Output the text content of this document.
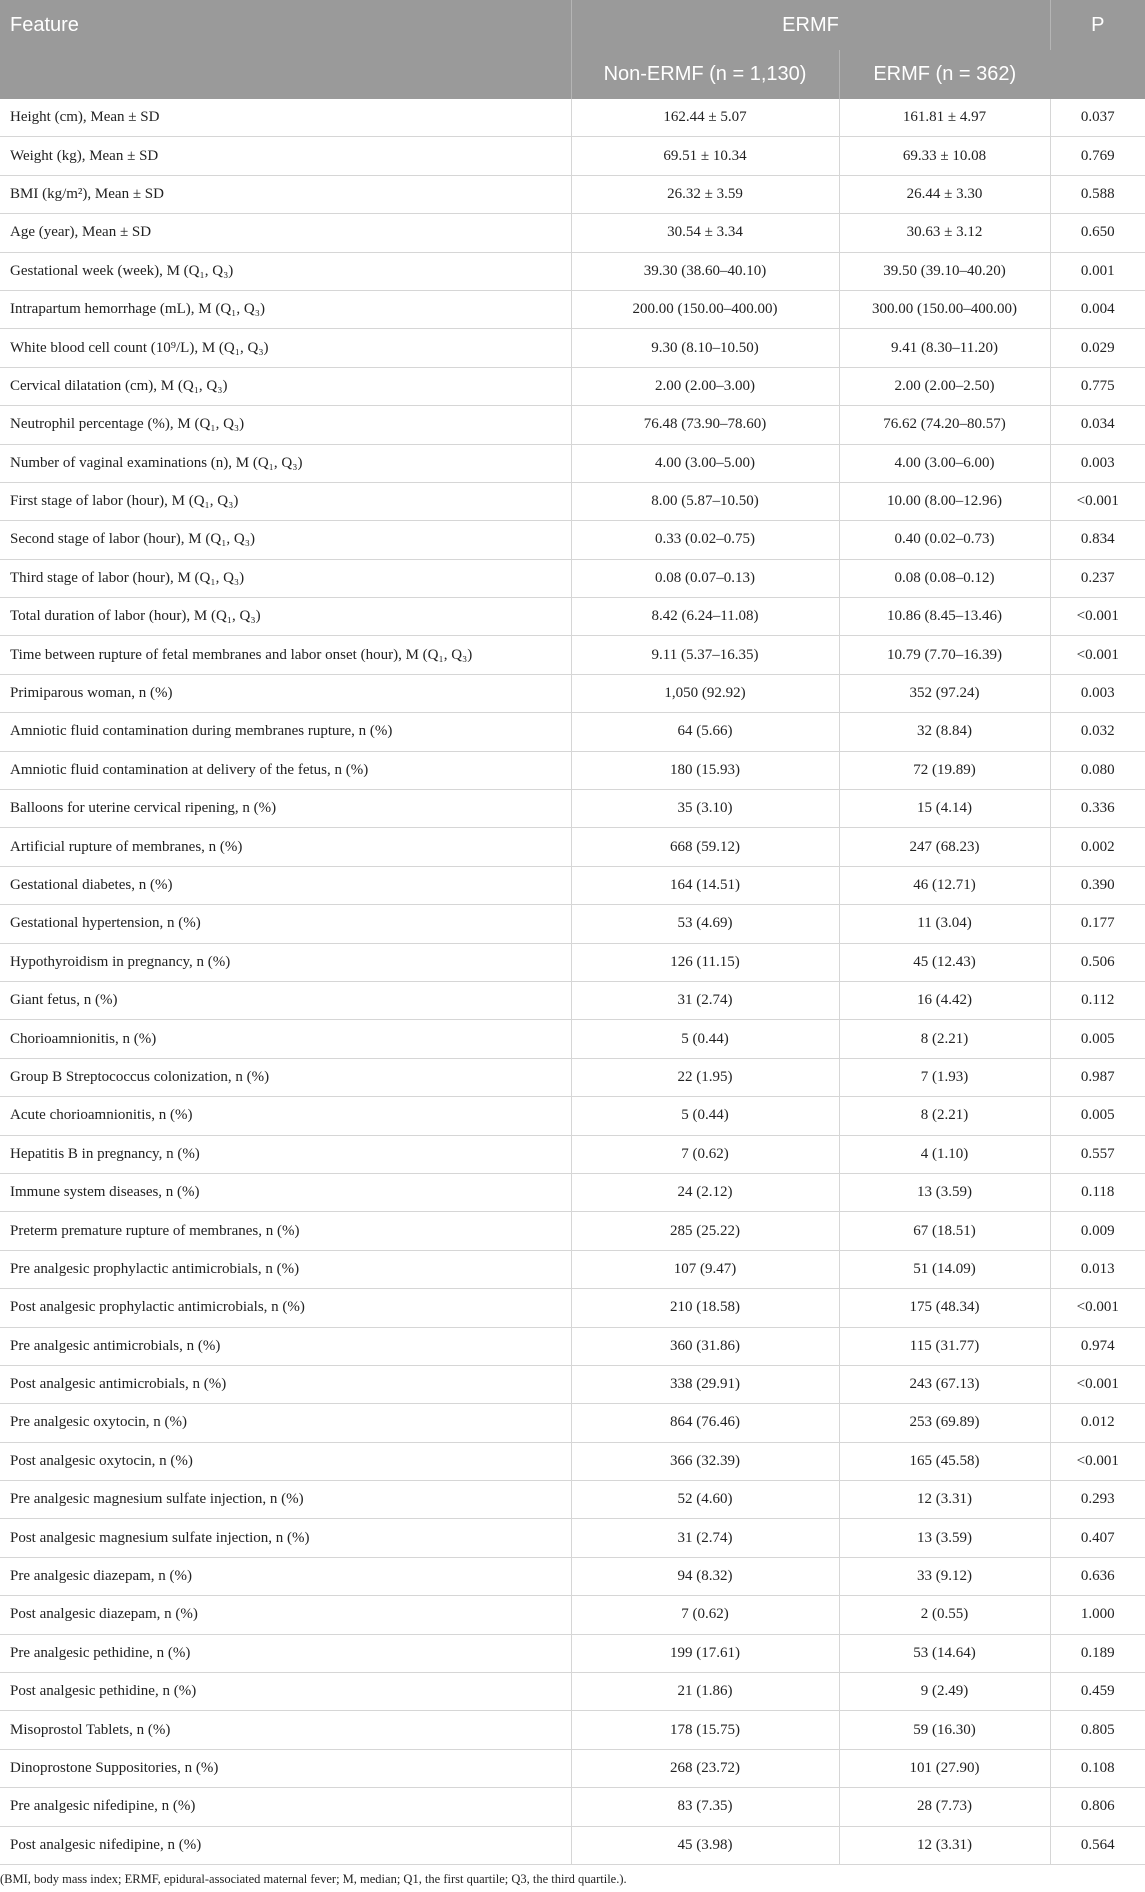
Feature	ERMF		P
	Non-ERMF (n = 1,130)	ERMF (n = 362)	
Height (cm), Mean ± SD	162.44 ± 5.07	161.81 ± 4.97	0.037
Weight (kg), Mean ± SD	69.51 ± 10.34	69.33 ± 10.08	0.769
BMI (kg/m²), Mean ± SD	26.32 ± 3.59	26.44 ± 3.30	0.588
Age (year), Mean ± SD	30.54 ± 3.34	30.63 ± 3.12	0.650
Gestational week (week), M (Q₁, Q₃)	39.30 (38.60–40.10)	39.50 (39.10–40.20)	0.001
Intrapartum hemorrhage (mL), M (Q₁, Q₃)	200.00 (150.00–400.00)	300.00 (150.00–400.00)	0.004
White blood cell count (10⁹/L), M (Q₁, Q₃)	9.30 (8.10–10.50)	9.41 (8.30–11.20)	0.029
Cervical dilatation (cm), M (Q₁, Q₃)	2.00 (2.00–3.00)	2.00 (2.00–2.50)	0.775
Neutrophil percentage (%), M (Q₁, Q₃)	76.48 (73.90–78.60)	76.62 (74.20–80.57)	0.034
Number of vaginal examinations (n), M (Q₁, Q₃)	4.00 (3.00–5.00)	4.00 (3.00–6.00)	0.003
First stage of labor (hour), M (Q₁, Q₃)	8.00 (5.87–10.50)	10.00 (8.00–12.96)	<0.001
Second stage of labor (hour), M (Q₁, Q₃)	0.33 (0.02–0.75)	0.40 (0.02–0.73)	0.834
Third stage of labor (hour), M (Q₁, Q₃)	0.08 (0.07–0.13)	0.08 (0.08–0.12)	0.237
Total duration of labor (hour), M (Q₁, Q₃)	8.42 (6.24–11.08)	10.86 (8.45–13.46)	<0.001
Time between rupture of fetal membranes and labor onset (hour), M (Q₁, Q₃)	9.11 (5.37–16.35)	10.79 (7.70–16.39)	<0.001
Primiparous woman, n (%)	1,050 (92.92)	352 (97.24)	0.003
Amniotic fluid contamination during membranes rupture, n (%)	64 (5.66)	32 (8.84)	0.032
Amniotic fluid contamination at delivery of the fetus, n (%)	180 (15.93)	72 (19.89)	0.080
Balloons for uterine cervical ripening, n (%)	35 (3.10)	15 (4.14)	0.336
Artificial rupture of membranes, n (%)	668 (59.12)	247 (68.23)	0.002
Gestational diabetes, n (%)	164 (14.51)	46 (12.71)	0.390
Gestational hypertension, n (%)	53 (4.69)	11 (3.04)	0.177
Hypothyroidism in pregnancy, n (%)	126 (11.15)	45 (12.43)	0.506
Giant fetus, n (%)	31 (2.74)	16 (4.42)	0.112
Chorioamnionitis, n (%)	5 (0.44)	8 (2.21)	0.005
Group B Streptococcus colonization, n (%)	22 (1.95)	7 (1.93)	0.987
Acute chorioamnionitis, n (%)	5 (0.44)	8 (2.21)	0.005
Hepatitis B in pregnancy, n (%)	7 (0.62)	4 (1.10)	0.557
Immune system diseases, n (%)	24 (2.12)	13 (3.59)	0.118
Preterm premature rupture of membranes, n (%)	285 (25.22)	67 (18.51)	0.009
Pre analgesic prophylactic antimicrobials, n (%)	107 (9.47)	51 (14.09)	0.013
Post analgesic prophylactic antimicrobials, n (%)	210 (18.58)	175 (48.34)	<0.001
Pre analgesic antimicrobials, n (%)	360 (31.86)	115 (31.77)	0.974
Post analgesic antimicrobials, n (%)	338 (29.91)	243 (67.13)	<0.001
Pre analgesic oxytocin, n (%)	864 (76.46)	253 (69.89)	0.012
Post analgesic oxytocin, n (%)	366 (32.39)	165 (45.58)	<0.001
Pre analgesic magnesium sulfate injection, n (%)	52 (4.60)	12 (3.31)	0.293
Post analgesic magnesium sulfate injection, n (%)	31 (2.74)	13 (3.59)	0.407
Pre analgesic diazepam, n (%)	94 (8.32)	33 (9.12)	0.636
Post analgesic diazepam, n (%)	7 (0.62)	2 (0.55)	1.000
Pre analgesic pethidine, n (%)	199 (17.61)	53 (14.64)	0.189
Post analgesic pethidine, n (%)	21 (1.86)	9 (2.49)	0.459
Misoprostol Tablets, n (%)	178 (15.75)	59 (16.30)	0.805
Dinoprostone Suppositories, n (%)	268 (23.72)	101 (27.90)	0.108
Pre analgesic nifedipine, n (%)	83 (7.35)	28 (7.73)	0.806
Post analgesic nifedipine, n (%)	45 (3.98)	12 (3.31)	0.564
(BMI, body mass index; ERMF, epidural-associated maternal fever; M, median; Q1, the first quartile; Q3, the third quartile.).
